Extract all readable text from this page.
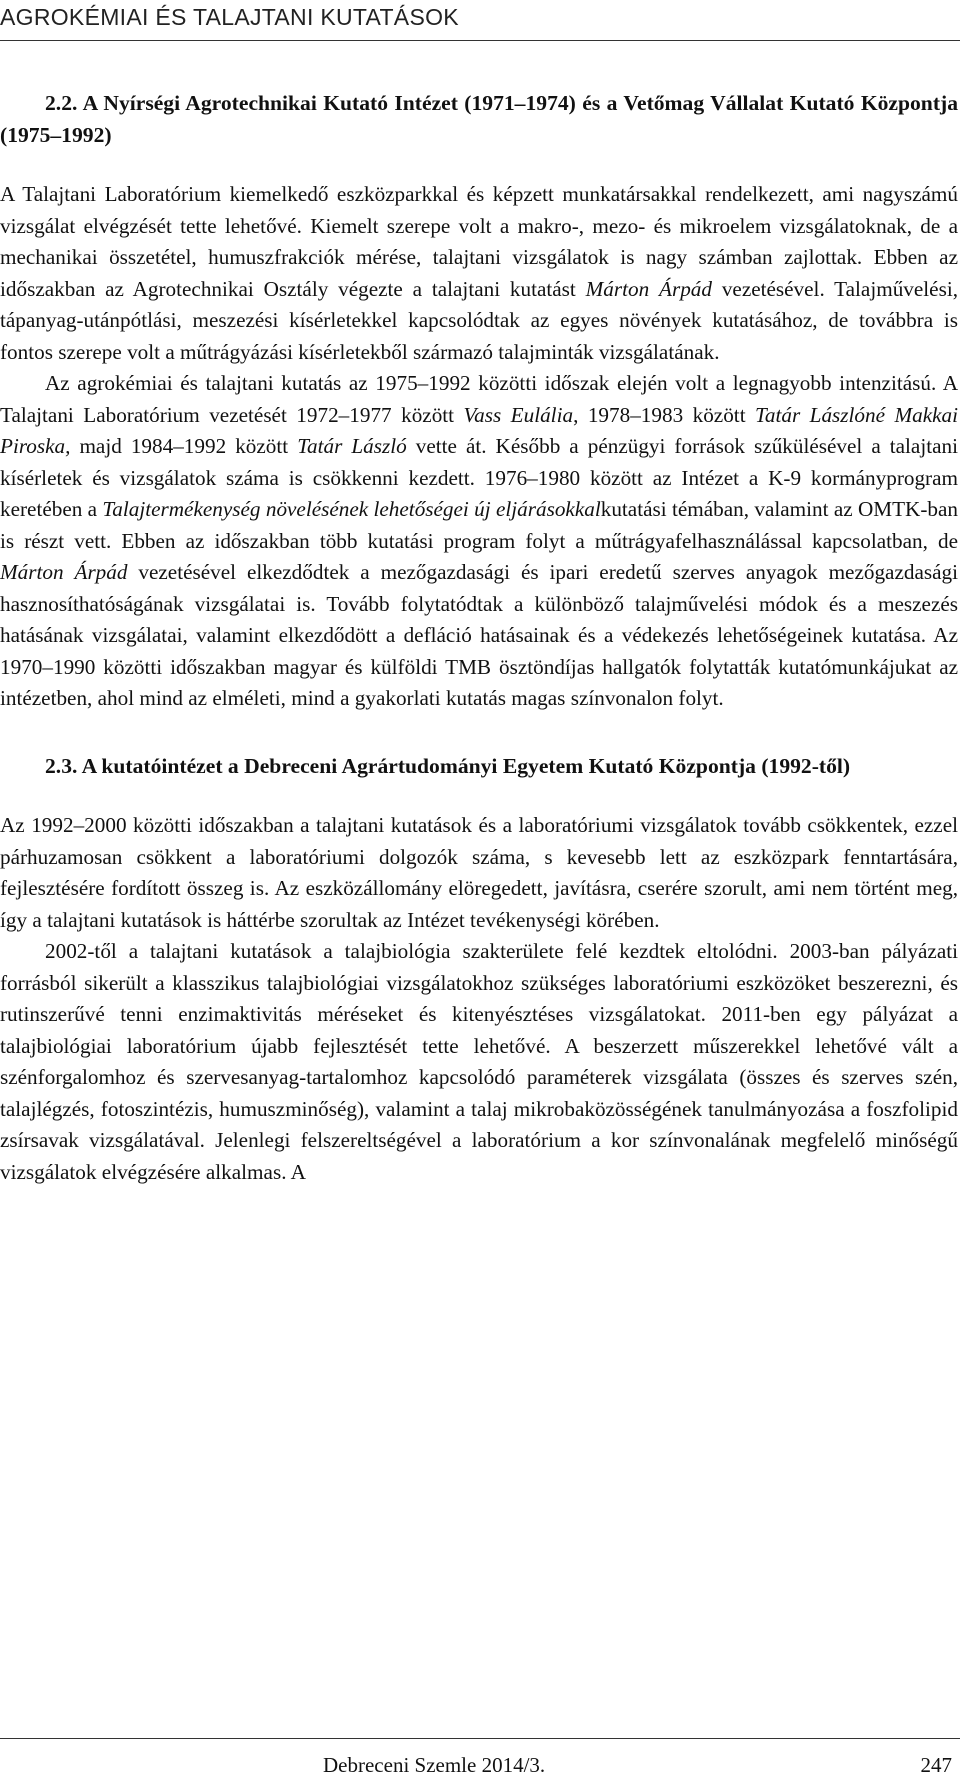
AGROKÉMIAI ÉS TALAJTANI KUTATÁSOK
2.2. A Nyírségi Agrotechnikai Kutató Intézet (1971–1974) és a Vetőmag Vállalat Kutató Központja (1975–1992)

A Talajtani Laboratórium kiemelkedő eszközparkkal és képzett munkatársakkal rendelkezett, ami nagyszámú vizsgálat elvégzését tette lehetővé. Kiemelt szerepe volt a makro-, mezo- és mikroelem vizsgálatoknak, de a mechanikai összetétel, humuszfrakciók mérése, talajtani vizsgálatok is nagy számban zajlottak. Ebben az időszakban az Agrotechnikai Osztály végezte a talajtani kutatást Márton Árpád vezetésével. Talajművelési, tápanyag-utánpótlási, meszezési kísérletekkel kapcsolódtak az egyes növények kutatásához, de továbbra is fontos szerepe volt a műtrágyázási kísérletekből származó talajminták vizsgálatának.

Az agrokémiai és talajtani kutatás az 1975–1992 közötti időszak elején volt a legnagyobb intenzitású. A Talajtani Laboratórium vezetését 1972–1977 között Vass Eulália, 1978–1983 között Tatár Lászlóné Makkai Piroska, majd 1984–1992 között Tatár László vette át. Később a pénzügyi források szűkülésével a talajtani kísérletek és vizsgálatok száma is csökkenni kezdett. 1976–1980 között az Intézet a K-9 kormányprogram keretében a Talajtermékenység növelésének lehetőségei új eljárásokkalkutatási témában, valamint az OMTK-ban is részt vett. Ebben az időszakban több kutatási program folyt a műtrágyafelhasználással kapcsolatban, de Márton Árpád vezetésével elkezdődtek a mezőgazdasági és ipari eredetű szerves anyagok mezőgazdasági hasznosíthatóságának vizsgálatai is. Tovább folytatódtak a különböző talajművelési módok és a meszezés hatásának vizsgálatai, valamint elkezdődött a defláció hatásainak és a védekezés lehetőségeinek kutatása. Az 1970–1990 közötti időszakban magyar és külföldi TMB ösztöndíjas hallgatók folytatták kutatómunkájukat az intézetben, ahol mind az elméleti, mind a gyakorlati kutatás magas színvonalon folyt.

2.3. A kutatóintézet a Debreceni Agrártudományi Egyetem Kutató Központja (1992-től)

Az 1992–2000 közötti időszakban a talajtani kutatások és a laboratóriumi vizsgálatok tovább csökkentek, ezzel párhuzamosan csökkent a laboratóriumi dolgozók száma, s kevesebb lett az eszközpark fenntartására, fejlesztésére fordított összeg is. Az eszközállomány elöregedett, javításra, cserére szorult, ami nem történt meg, így a talajtani kutatások is háttérbe szorultak az Intézet tevékenységi körében.

2002-től a talajtani kutatások a talajbiológia szakterülete felé kezdtek eltolódni. 2003-ban pályázati forrásból sikerült a klasszikus talajbiológiai vizsgálatokhoz szükséges laboratóriumi eszközöket beszerezni, és rutinszerűvé tenni enzimaktivitás méréseket és kitenyésztéses vizsgálatokat. 2011-ben egy pályázat a talajbiológiai laboratórium újabb fejlesztését tette lehetővé. A beszerzett műszerekkel lehetővé vált a szénforgalomhoz és szervesanyag-tartalomhoz kapcsolódó paraméterek vizsgálata (összes és szerves szén, talajlégzés, fotoszintézis, humuszminőség), valamint a talaj mikrobaközösségének tanulmányozása a foszfolipid zsírsavak vizsgálatával. Jelenlegi felszereltségével a laboratórium a kor színvonalának megfelelő minőségű vizsgálatok elvégzésére alkalmas. A

Debreceni Szemle 2014/3.	247
